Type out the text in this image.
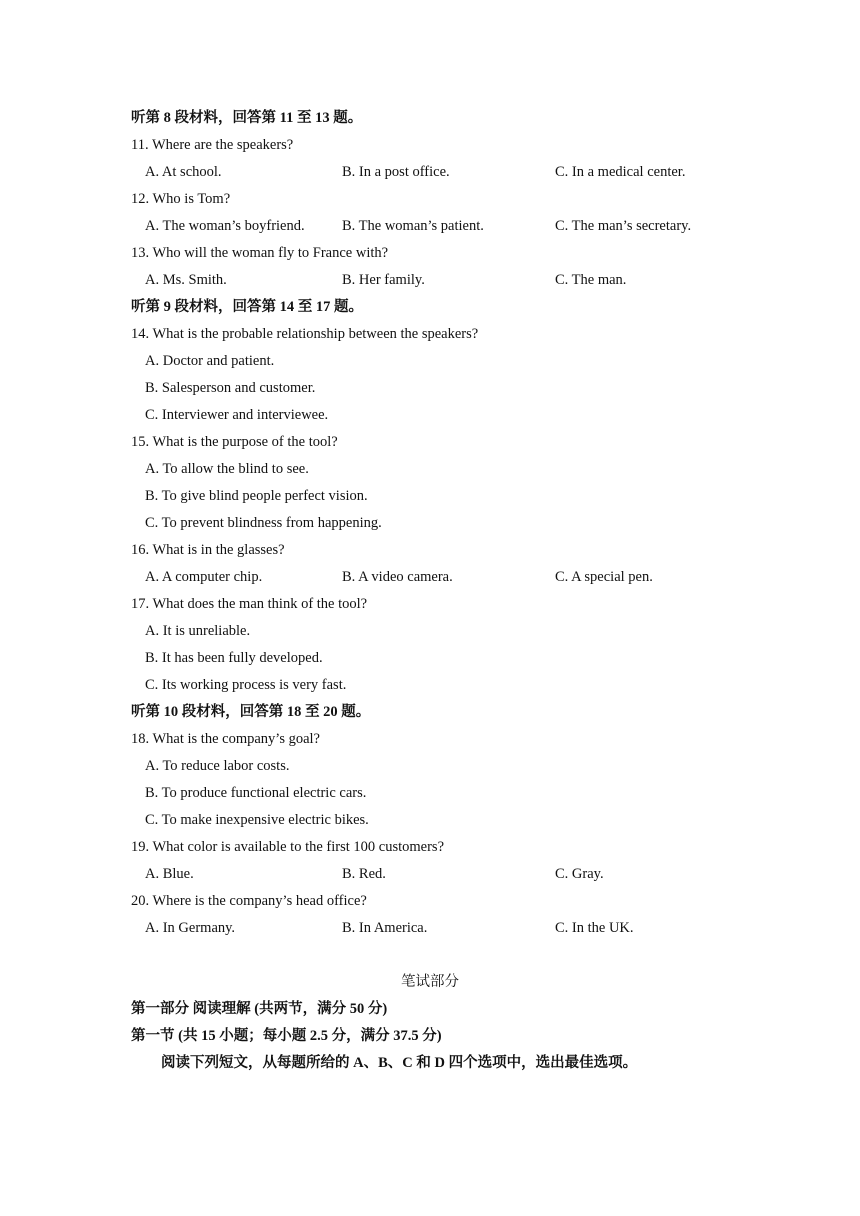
听第 8 段材料，回答第 11 至 13 题。
11. Where are the speakers?
A. At school.	B. In a post office.	C. In a medical center.
12. Who is Tom?
A. The woman’s boyfriend.	B. The woman’s patient.	C. The man’s secretary.
13. Who will the woman fly to France with?
A. Ms. Smith.	B. Her family.	C. The man.
听第 9 段材料，回答第 14 至 17 题。
14. What is the probable relationship between the speakers?
A. Doctor and patient.
B. Salesperson and customer.
C. Interviewer and interviewee.
15. What is the purpose of the tool?
A. To allow the blind to see.
B. To give blind people perfect vision.
C. To prevent blindness from happening.
16. What is in the glasses?
A. A computer chip.	B. A video camera.	C. A special pen.
17. What does the man think of the tool?
A. It is unreliable.
B. It has been fully developed.
C. Its working process is very fast.
听第 10 段材料，回答第 18 至 20 题。
18. What is the company’s goal?
A. To reduce labor costs.
B. To produce functional electric cars.
C. To make inexpensive electric bikes.
19. What color is available to the first 100 customers?
A. Blue.	B. Red.	C. Gray.
20. Where is the company’s head office?
A. In Germany.	B. In America.	C. In the UK.
笔试部分
第一部分 阅读理解 (共两节，满分 50 分)
第一节 (共 15 小题；每小题 2.5 分，满分 37.5 分)
阅读下列短文，从每题所给的 A、B、C 和 D 四个选项中，选出最佳选项。
